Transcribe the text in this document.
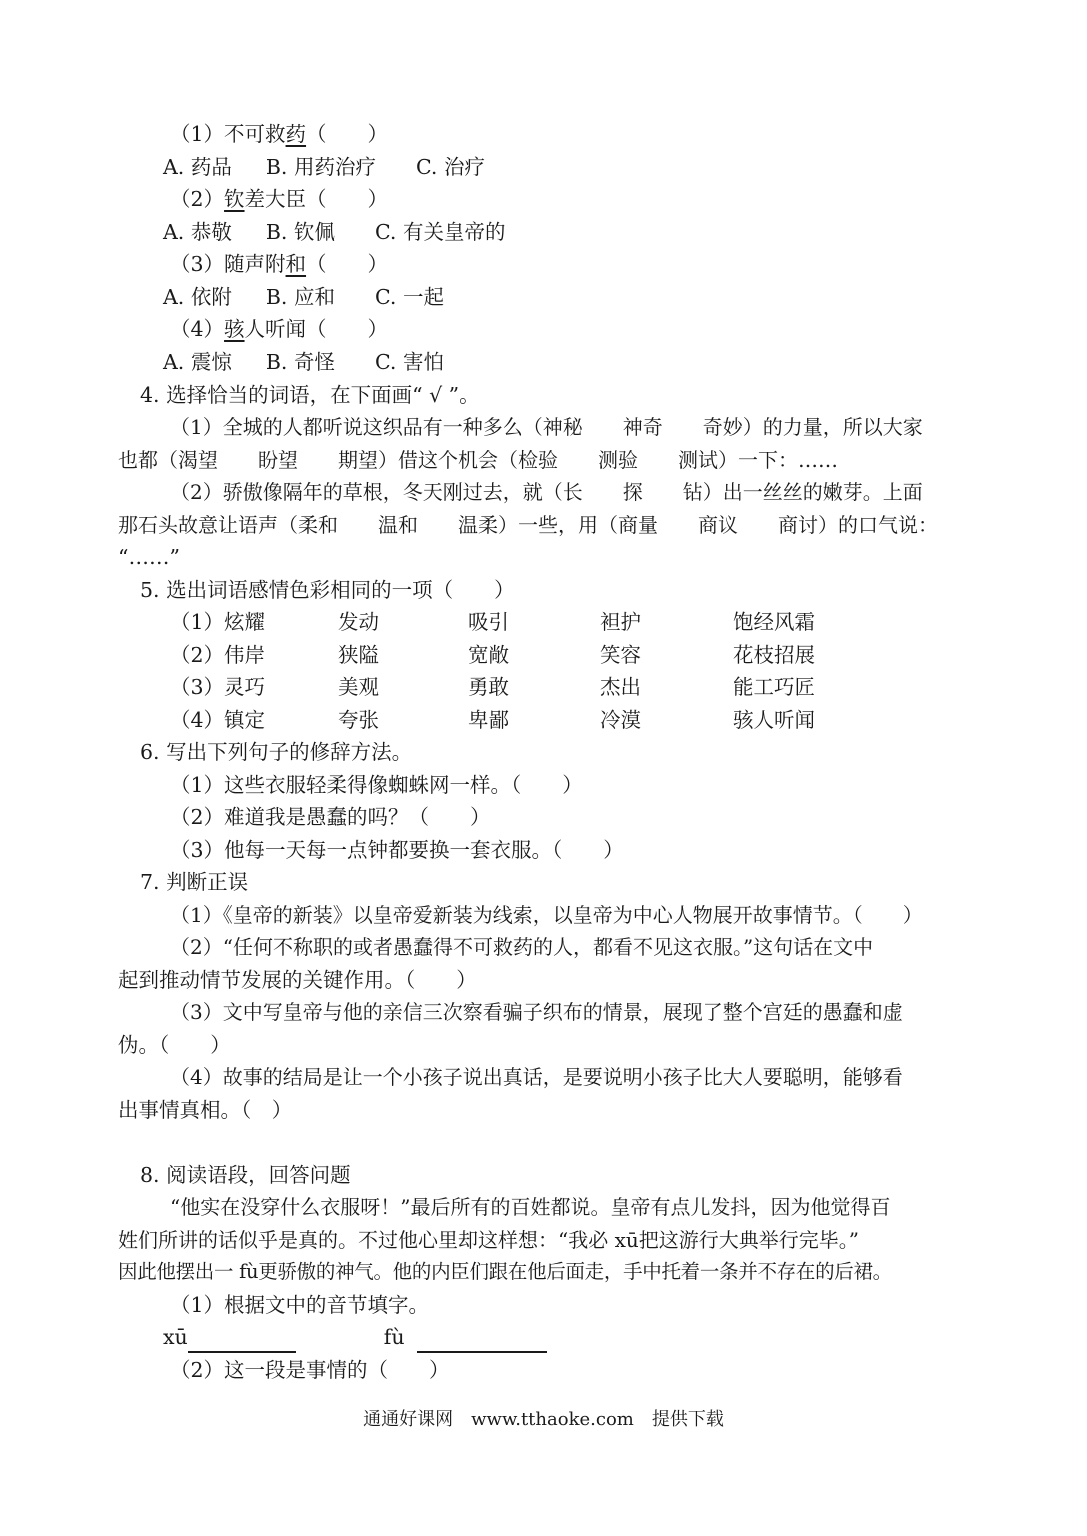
（1）不可救药（　　）
A. 药品 B. 用药治疗 C. 治疗
（2）钦差大臣（　　）
A. 恭敬 B. 钦佩 C. 有关皇帝的
（3）随声附和（　　）
A. 依附 B. 应和 C. 一起
（4）骇人听闻（　　）
A. 震惊 B. 奇怪 C. 害怕
4. 选择恰当的词语，在下面画“ √ ”。
（1）全城的人都听说这织品有一种多么（神秘　　神奇　　奇妙）的力量，所以大家
也都（渴望　　盼望　　期望）借这个机会（检验　　测验　　测试）一下：……
（2）骄傲像隔年的草根，冬天刚过去，就（长　　探　　钻）出一丝丝的嫩芽。上面
那石头故意让语声（柔和　　温和　　温柔）一些，用（商量　　商议　　商讨）的口气说：
“……”
5. 选出词语感情色彩相同的一项（　　）
（1）炫耀	发动	吸引	袒护	饱经风霜
（2）伟岸	狭隘	宽敞	笑容	花枝招展
（3）灵巧	美观	勇敢	杰出	能工巧匠
（4）镇定	夸张	卑鄙	冷漠	骇人听闻
6. 写出下列句子的修辞方法。
（1）这些衣服轻柔得像蜘蛛网一样。（　　）
（2）难道我是愚蠢的吗？（　　）
（3）他每一天每一点钟都要换一套衣服。（　　）
7. 判断正误
（1）《皇帝的新装》以皇帝爱新装为线索，以皇帝为中心人物展开故事情节。（　　）
（2）“任何不称职的或者愚蠢得不可救药的人，都看不见这衣服。”这句话在文中
起到推动情节发展的关键作用。（　　）
（3）文中写皇帝与他的亲信三次察看骗子织布的情景，展现了整个宫廷的愚蠢和虚
伪。（　　）
（4）故事的结局是让一个小孩子说出真话，是要说明小孩子比大人要聪明，能够看
出事情真相。（　）
8. 阅读语段，回答问题
“他实在没穿什么衣服呀！”最后所有的百姓都说。皇帝有点儿发抖，因为他觉得百
姓们所讲的话似乎是真的。不过他心里却这样想：“我必 xū把这游行大典举行完毕。”
因此他摆出一 fù更骄傲的神气。他的内臣们跟在他后面走，手中托着一条并不存在的后裙。
（1）根据文中的音节填字。
xū	fù
（2）这一段是事情的（　　）
通通好课网　www.tthaoke.com　提供下载
